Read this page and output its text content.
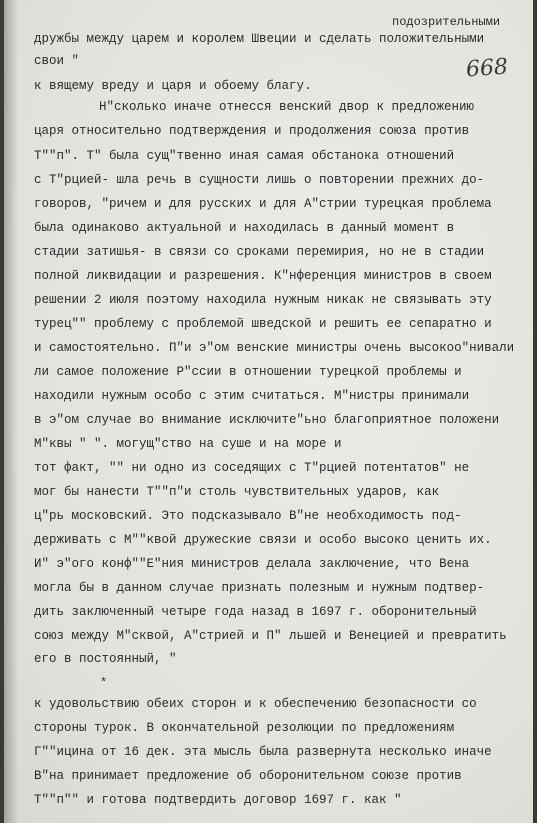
подозрительными
668
дружбы между царем и королем Швеции и сделать положительными
свои "
к вящему вреду и царя и обоему благу.
Н"сколько иначе отнесся венский двор к предложению
царя относительно подтверждения и продолжения союза против
Т""п". Т" была сущ"твенно иная самая обстанока отношений
с Т"рцией- шла речь в сущности лишь о повторении прежних до-
говоров, "ричем и для русских и для А"стрии турецкая проблема
была одинаково актуальной и находилась в данный момент в
стадии затишья- в связи со сроками перемирия, но не в стадии
полной ликвидации и разрешения. К"нференция министров в своем
решении 2 июля поэтому находила нужным никак не связывать эту
турец"" проблему с проблемой шведской и решить ее сепаратно и
и самостоятельно. П"и э"ом венские министры очень высокоо"нивали
ли самое положение Р"ссии в отношении турецкой проблемы и
находили нужным особо с этим считаться. М"нистры принимали
в э"ом случае во внимание исключите"ьно благоприятное положени
М"квы " ". могущ"ство на суше и на море и
тот факт, "" ни одно из соседящих с Т"рцией потентатов" не
мог бы нанести Т""п"и столь чувствительных ударов, как
ц"рь московский. Это подсказывало В"не необходимость под-
держивать с М""квой дружеские связи и особо высоко ценить их.
И" э"ого конф""Е"ния министров делала заключение, что Вена
могла бы в данном случае признать полезным и нужным подтвер-
дить заключенный четыре года назад в 1697 г. оборонительный
союз между М"сквой, А"стрией и П" льшей и Венецией и превратить
его в постоянный, "
*
к удовольствию обеих сторон и к обеспечению безопасности со
стороны турок. В окончательной резолюции по предложениям
Г""ицина от 16 дек. эта мысль была развернута несколько иначе
В"на принимает предложение об оборонительном союзе против
Т""п"" и готова подтвердить договор 1697 г. как "
